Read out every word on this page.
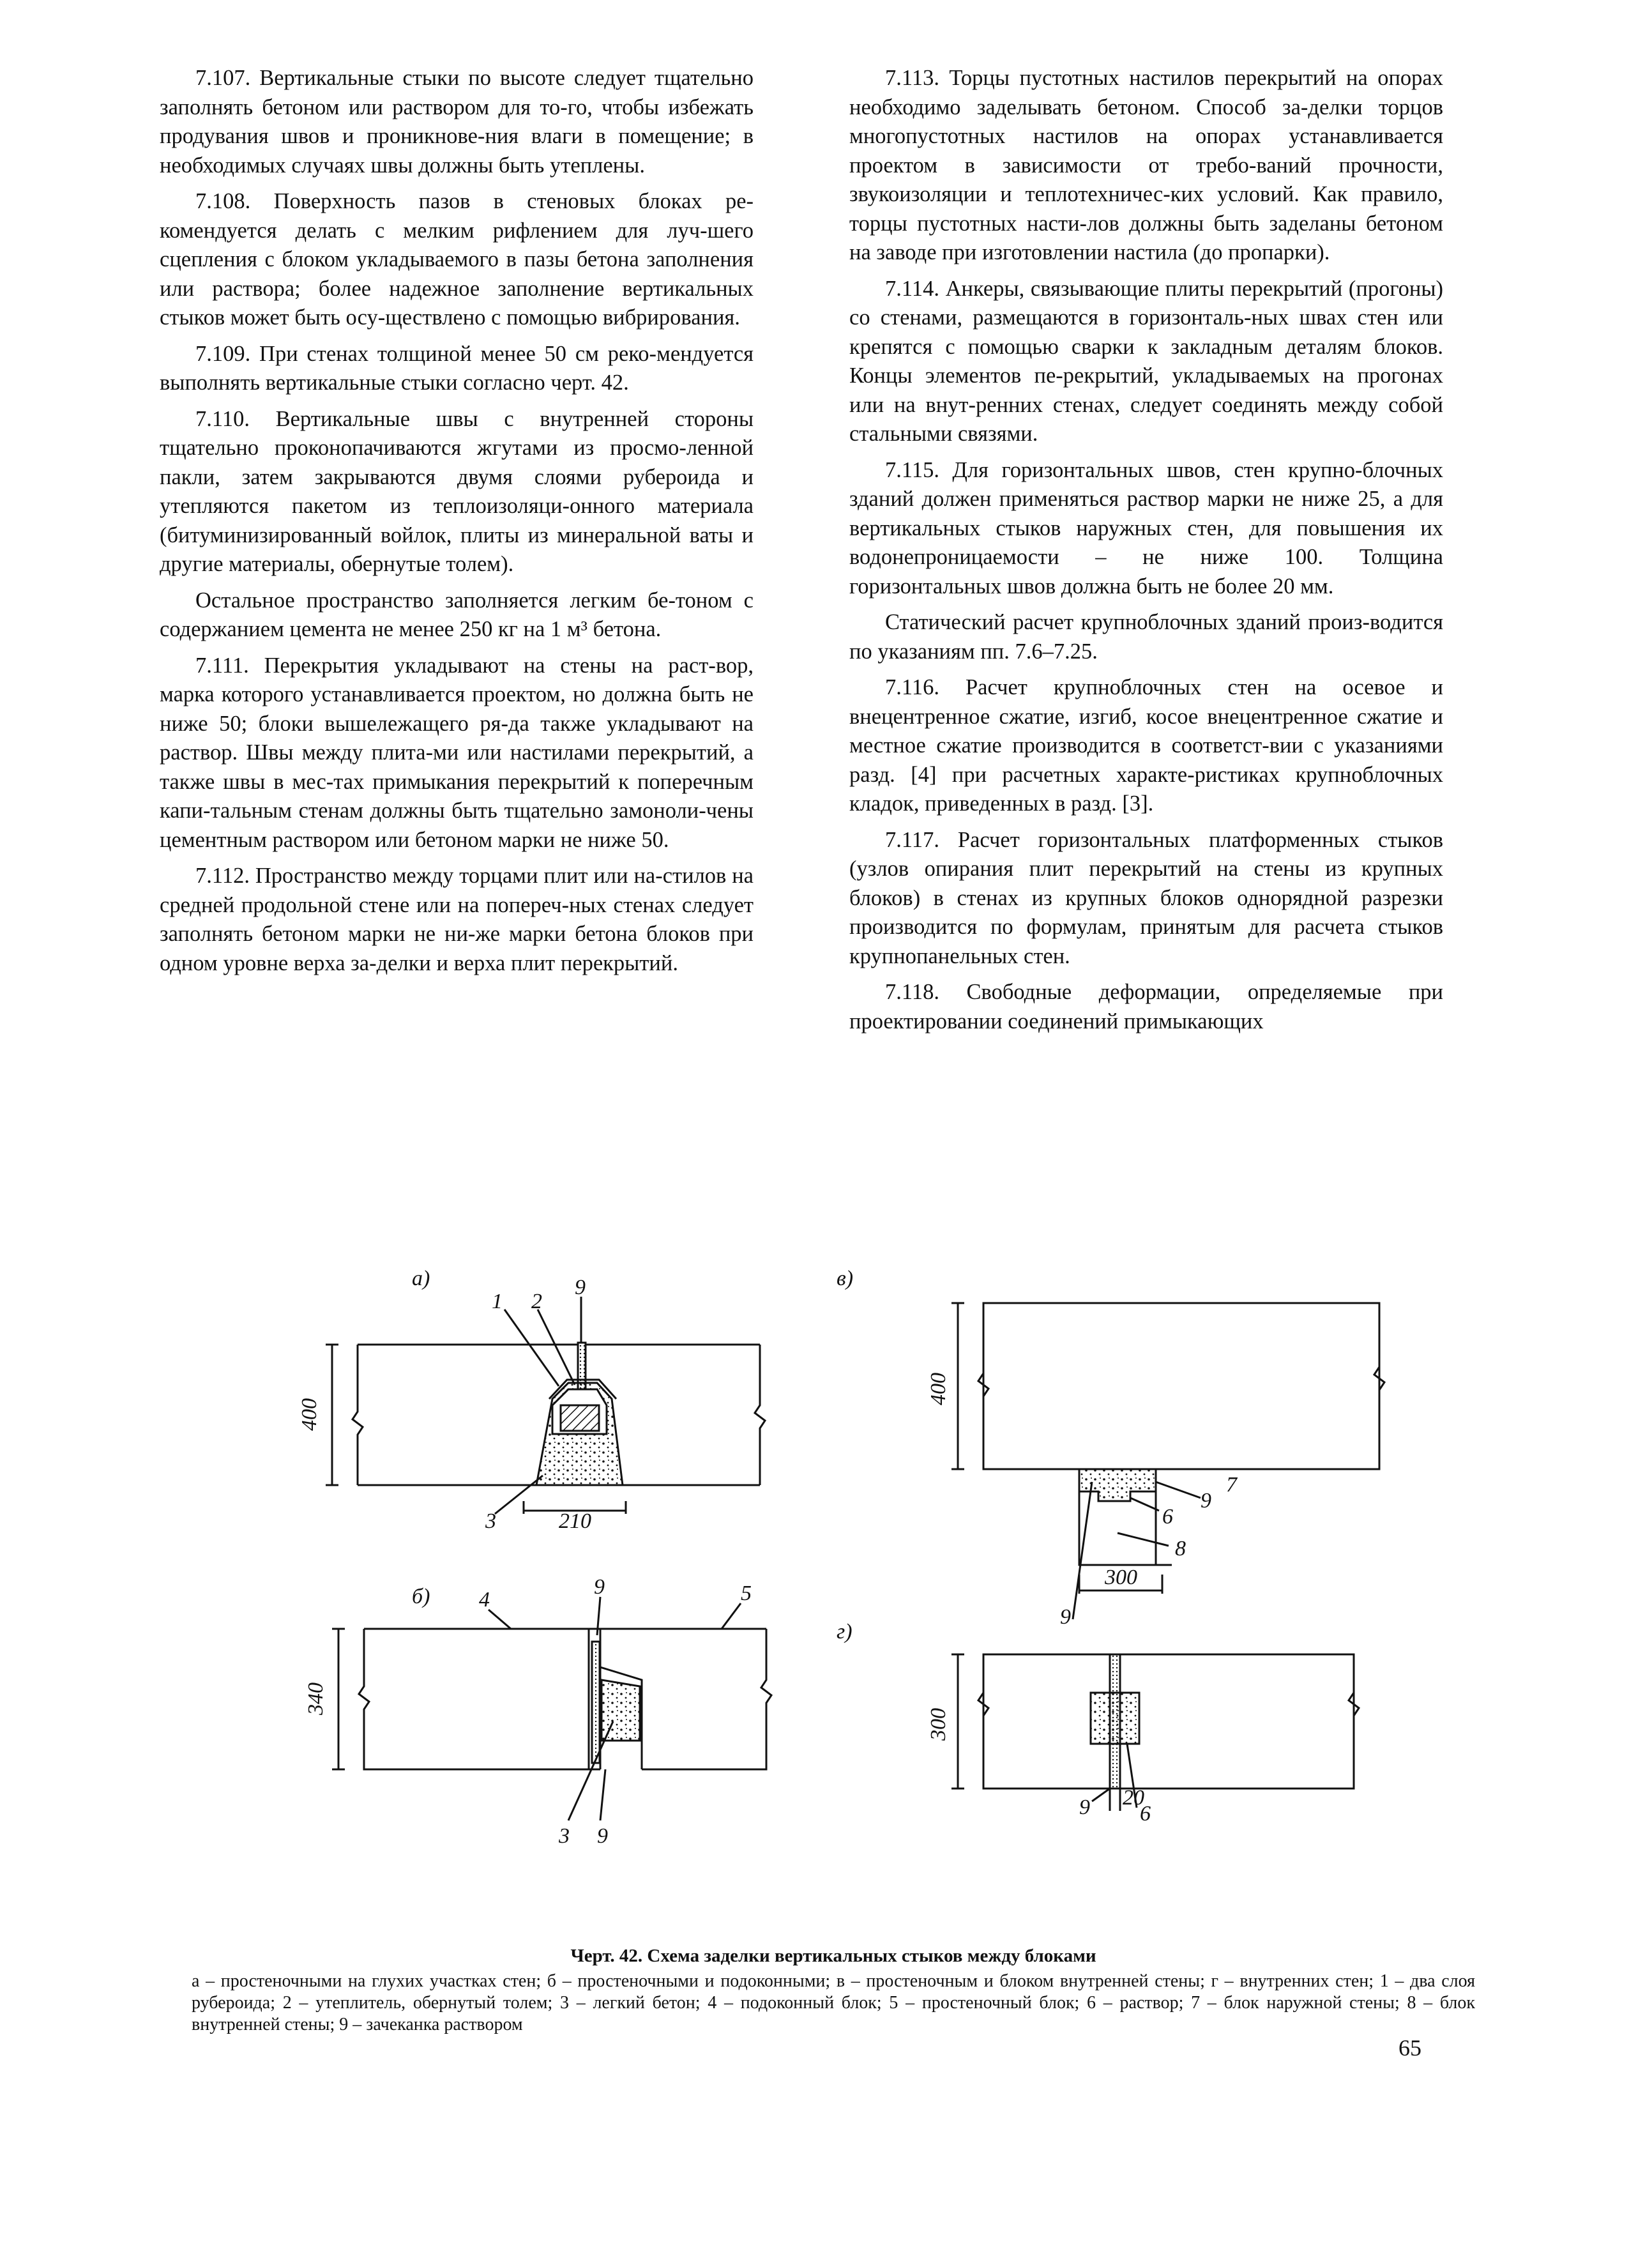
7.107. Вертикальные стыки по высоте следует тщательно заполнять бетоном или раствором для то-го, чтобы избежать продувания швов и проникнове-ния влаги в помещение; в необходимых случаях швы должны быть утеплены.

7.108. Поверхность пазов в стеновых блоках ре-комендуется делать с мелким рифлением для луч-шего сцепления с блоком укладываемого в пазы бетона заполнения или раствора; более надежное заполнение вертикальных стыков может быть осу-ществлено с помощью вибрирования.

7.109. При стенах толщиной менее 50 см реко-мендуется выполнять вертикальные стыки согласно черт. 42.

7.110. Вертикальные швы с внутренней стороны тщательно проконопачиваются жгутами из просмо-ленной пакли, затем закрываются двумя слоями рубероида и утепляются пакетом из теплоизоляци-онного материала (битуминизированный войлок, плиты из минеральной ваты и другие материалы, обернутые толем).

Остальное пространство заполняется легким бе-тоном с содержанием цемента не менее 250 кг на 1 м³ бетона.

7.111. Перекрытия укладывают на стены на раст-вор, марка которого устанавливается проектом, но должна быть не ниже 50; блоки вышележащего ря-да также укладывают на раствор. Швы между плита-ми или настилами перекрытий, а также швы в мес-тах примыкания перекрытий к поперечным капи-тальным стенам должны быть тщательно замоноли-чены цементным раствором или бетоном марки не ниже 50.

7.112. Пространство между торцами плит или на-стилов на средней продольной стене или на попереч-ных стенах следует заполнять бетоном марки не ни-же марки бетона блоков при одном уровне верха за-делки и верха плит перекрытий.

7.113. Торцы пустотных настилов перекрытий на опорах необходимо заделывать бетоном. Способ за-делки торцов многопустотных настилов на опорах устанавливается проектом в зависимости от требо-ваний прочности, звукоизоляции и теплотехничес-ких условий. Как правило, торцы пустотных насти-лов должны быть заделаны бетоном на заводе при изготовлении настила (до пропарки).

7.114. Анкеры, связывающие плиты перекрытий (прогоны) со стенами, размещаются в горизонталь-ных швах стен или крепятся с помощью сварки к закладным деталям блоков. Концы элементов пе-рекрытий, укладываемых на прогонах или на внут-ренних стенах, следует соединять между собой стальными связями.

7.115. Для горизонтальных швов, стен крупно-блочных зданий должен применяться раствор марки не ниже 25, а для вертикальных стыков наружных стен, для повышения их водонепроницаемости – не ниже 100. Толщина горизонтальных швов должна быть не более 20 мм.

Статический расчет крупноблочных зданий произ-водится по указаниям пп. 7.6–7.25.

7.116. Расчет крупноблочных стен на осевое и внецентренное сжатие, изгиб, косое внецентренное сжатие и местное сжатие производится в соответст-вии с указаниями разд. [4] при расчетных характе-ристиках крупноблочных кладок, приведенных в разд. [3].

7.117. Расчет горизонтальных платформенных стыков (узлов опирания плит перекрытий на стены из крупных блоков) в стенах из крупных блоков однорядной разрезки производится по формулам, принятым для расчета стыков крупнопанельных стен.

7.118. Свободные деформации, определяемые при проектировании соединений примыкающих

а)
1 2
9
3	210
400
б) 4
9	5
3 9
340
в)
400
9
7
6
8
9
300
г)
300
9 20
6
Черт. 42. Схема заделки вертикальных стыков между блоками
а – простеночными на глухих участках стен; б – простеночными и подоконными; в – простеночным и блоком внутренней стены; г – внутренних стен; 1 – два слоя рубероида; 2 – утеплитель, обернутый толем; 3 – легкий бетон; 4 – подоконный блок; 5 – простеночный блок; 6 – раствор; 7 – блок наружной стены; 8 – блок внутренней стены; 9 – зачеканка раствором
65
